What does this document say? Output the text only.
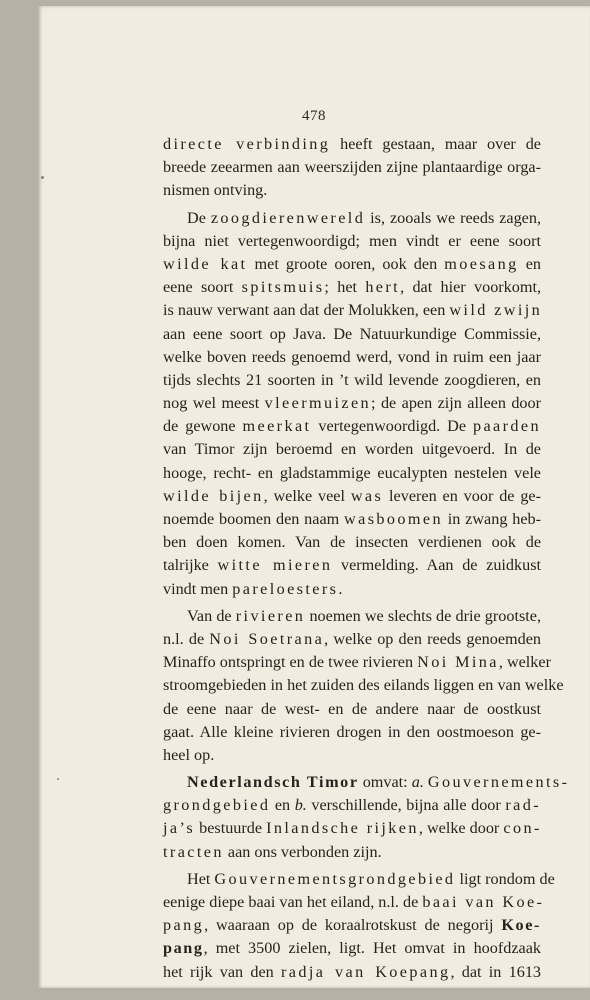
478
directe verbinding heeft gestaan, maar over de
breede zeearmen aan weerszijden zijne plantaardige orga-
nismen ontving.
De zoogdierenwereld is, zooals we reeds zagen,
bijna niet vertegenwoordigd; men vindt er eene soort
wilde kat met groote ooren, ook den moesang en
eene soort spitsmuis; het hert, dat hier voorkomt,
is nauw verwant aan dat der Molukken, een wild zwijn
aan eene soort op Java. De Natuurkundige Commissie,
welke boven reeds genoemd werd, vond in ruim een jaar
tijds slechts 21 soorten in ’t wild levende zoogdieren, en
nog wel meest vleermuizen; de apen zijn alleen door
de gewone meerkat vertegenwoordigd. De paarden
van Timor zijn beroemd en worden uitgevoerd. In de
hooge, recht- en gladstammige eucalypten nestelen vele
wilde bijen, welke veel was leveren en voor de ge-
noemde boomen den naam wasboomen in zwang heb-
ben doen komen. Van de insecten verdienen ook de
talrijke witte mieren vermelding. Aan de zuidkust
vindt men pareloesters.
Van de rivieren noemen we slechts de drie grootste,
n.l. de Noi Soetrana, welke op den reeds genoemden
Minaffo ontspringt en de twee rivieren Noi Mina, welker
stroomgebieden in het zuiden des eilands liggen en van welke
de eene naar de west- en de andere naar de oostkust
gaat. Alle kleine rivieren drogen in den oostmoeson ge-
heel op.
Nederlandsch Timor omvat: a. Gouvernements-
grondgebied en b. verschillende, bijna alle door rad-
ja’s bestuurde Inlandsche rijken, welke door con-
tracten aan ons verbonden zijn.
Het Gouvernementsgrondgebied ligt rondom de
eenige diepe baai van het eiland, n.l. de baai van Koe-
pang, waaraan op de koraalrotskust de negorij Koe-
pang, met 3500 zielen, ligt. Het omvat in hoofdzaak
het rijk van den radja van Koepang, dat in 1613
